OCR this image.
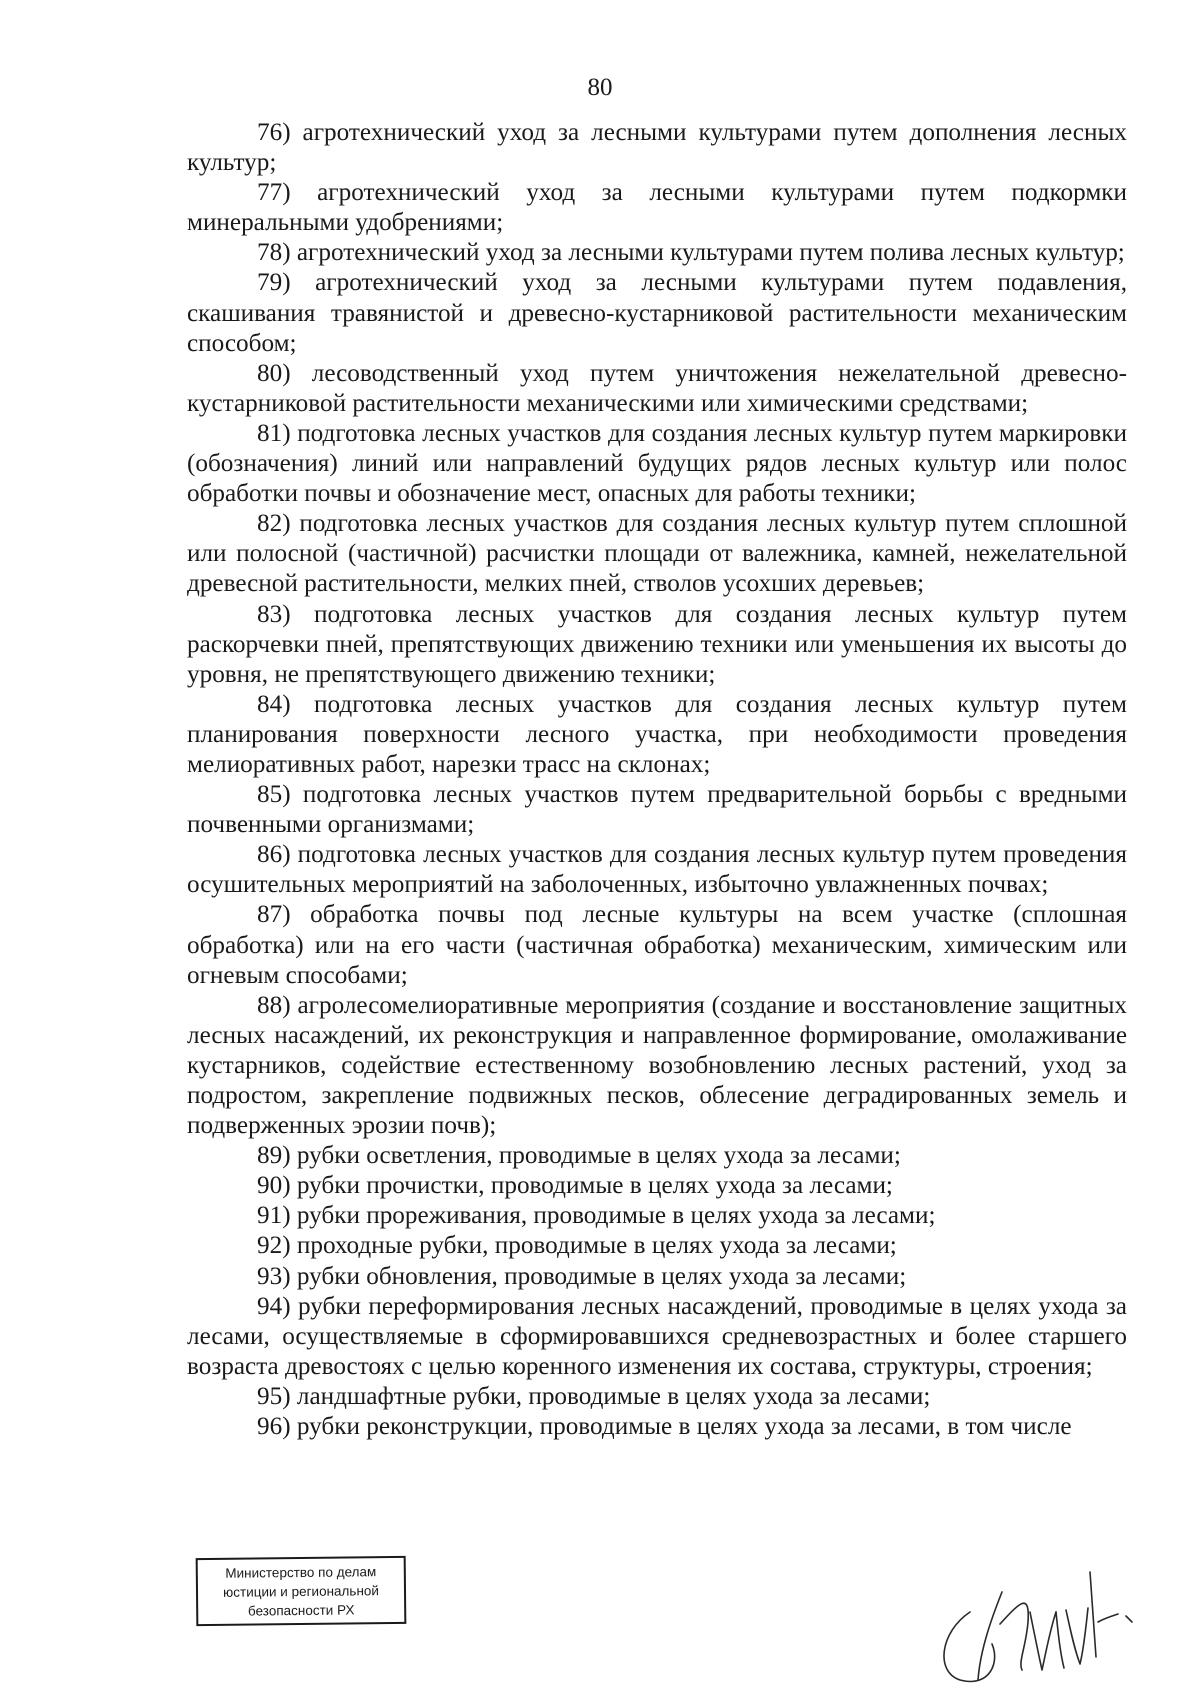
80

76) агротехнический уход за лесными культурами путем дополнения лесных культур;

77) агротехнический уход за лесными культурами путем подкормки минеральными удобрениями;

78) агротехнический уход за лесными культурами путем полива лесных культур;

79) агротехнический уход за лесными культурами путем подавления, скашивания травянистой и древесно-кустарниковой растительности механическим способом;

80) лесоводственный уход путем уничтожения нежелательной древесно-кустарниковой растительности механическими или химическими средствами;

81) подготовка лесных участков для создания лесных культур путем маркировки (обозначения) линий или направлений будущих рядов лесных культур или полос обработки почвы и обозначение мест, опасных для работы техники;

82) подготовка лесных участков для создания лесных культур путем сплошной или полосной (частичной) расчистки площади от валежника, камней, нежелательной древесной растительности, мелких пней, стволов усохших деревьев;

83) подготовка лесных участков для создания лесных культур путем раскорчевки пней, препятствующих движению техники или уменьшения их высоты до уровня, не препятствующего движению техники;

84) подготовка лесных участков для создания лесных культур путем планирования поверхности лесного участка, при необходимости проведения мелиоративных работ, нарезки трасс на склонах;

85) подготовка лесных участков путем предварительной борьбы с вредными почвенными организмами;

86) подготовка лесных участков для создания лесных культур путем проведения осушительных мероприятий на заболоченных, избыточно увлажненных почвах;

87) обработка почвы под лесные культуры на всем участке (сплошная обработка) или на его части (частичная обработка) механическим, химическим или огневым способами;

88) агролесомелиоративные мероприятия (создание и восстановление защитных лесных насаждений, их реконструкция и направленное формирование, омолаживание кустарников, содействие естественному возобновлению лесных растений, уход за подростом, закрепление подвижных песков, облесение деградированных земель и подверженных эрозии почв);

89) рубки осветления, проводимые в целях ухода за лесами;

90) рубки прочистки, проводимые в целях ухода за лесами;

91) рубки прореживания, проводимые в целях ухода за лесами;

92) проходные рубки, проводимые в целях ухода за лесами;

93) рубки обновления, проводимые в целях ухода за лесами;

94) рубки переформирования лесных насаждений, проводимые в целях ухода за лесами, осуществляемые в сформировавшихся средневозрастных и более старшего возраста древостоях с целью коренного изменения их состава, структуры, строения;

95) ландшафтные рубки, проводимые в целях ухода за лесами;

96) рубки реконструкции, проводимые в целях ухода за лесами, в том числе

Министерство по делам
юстиции и региональной
безопасности РХ
